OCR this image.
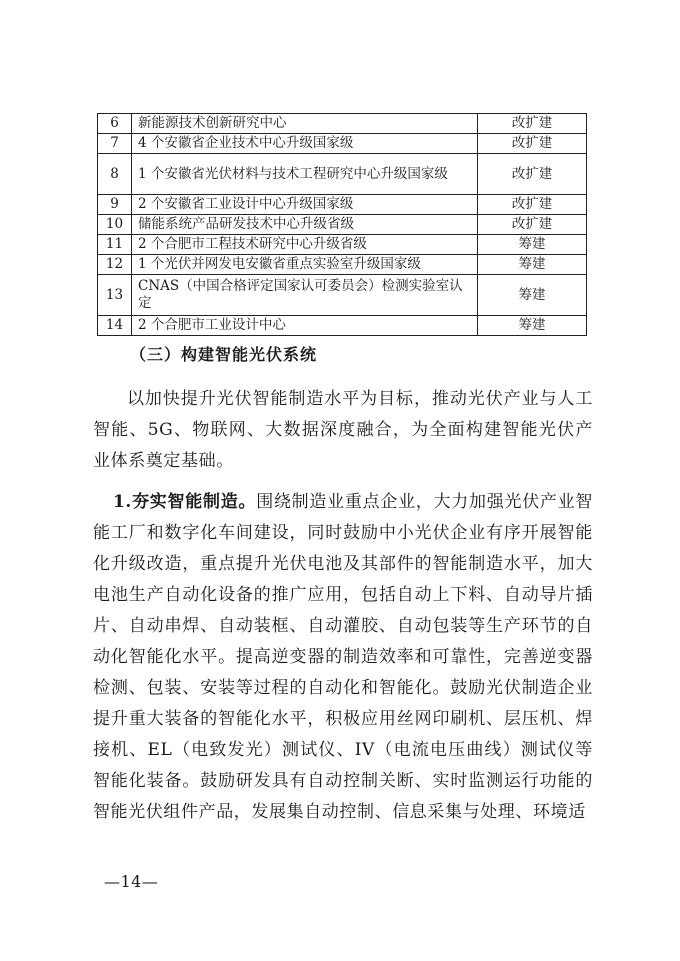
6	新能源技术创新研究中心	改扩建
7	4 个安徽省企业技术中心升级国家级	改扩建
8	1 个安徽省光伏材料与技术工程研究中心升级国家级	改扩建
9	2 个安徽省工业设计中心升级国家级	改扩建
10	储能系统产品研发技术中心升级省级	改扩建
11	2 个合肥市工程技术研究中心升级省级	筹建
12	1 个光伏并网发电安徽省重点实验室升级国家级	筹建
13	CNAS（中国合格评定国家认可委员会）检测实验室认定	筹建
14	2 个合肥市工业设计中心	筹建
（三）构建智能光伏系统

以加快提升光伏智能制造水平为目标，推动光伏产业与人工智能、5G、物联网、大数据深度融合，为全面构建智能光伏产业体系奠定基础。

1.夯实智能制造。围绕制造业重点企业，大力加强光伏产业智能工厂和数字化车间建设，同时鼓励中小光伏企业有序开展智能化升级改造，重点提升光伏电池及其部件的智能制造水平，加大电池生产自动化设备的推广应用，包括自动上下料、自动导片插片、自动串焊、自动装框、自动灌胶、自动包装等生产环节的自动化智能化水平。提高逆变器的制造效率和可靠性，完善逆变器检测、包装、安装等过程的自动化和智能化。鼓励光伏制造企业提升重大装备的智能化水平，积极应用丝网印刷机、层压机、焊接机、EL（电致发光）测试仪、IV（电流电压曲线）测试仪等智能化装备。鼓励研发具有自动控制关断、实时监测运行功能的智能光伏组件产品，发展集自动控制、信息采集与处理、环境适

—14—
